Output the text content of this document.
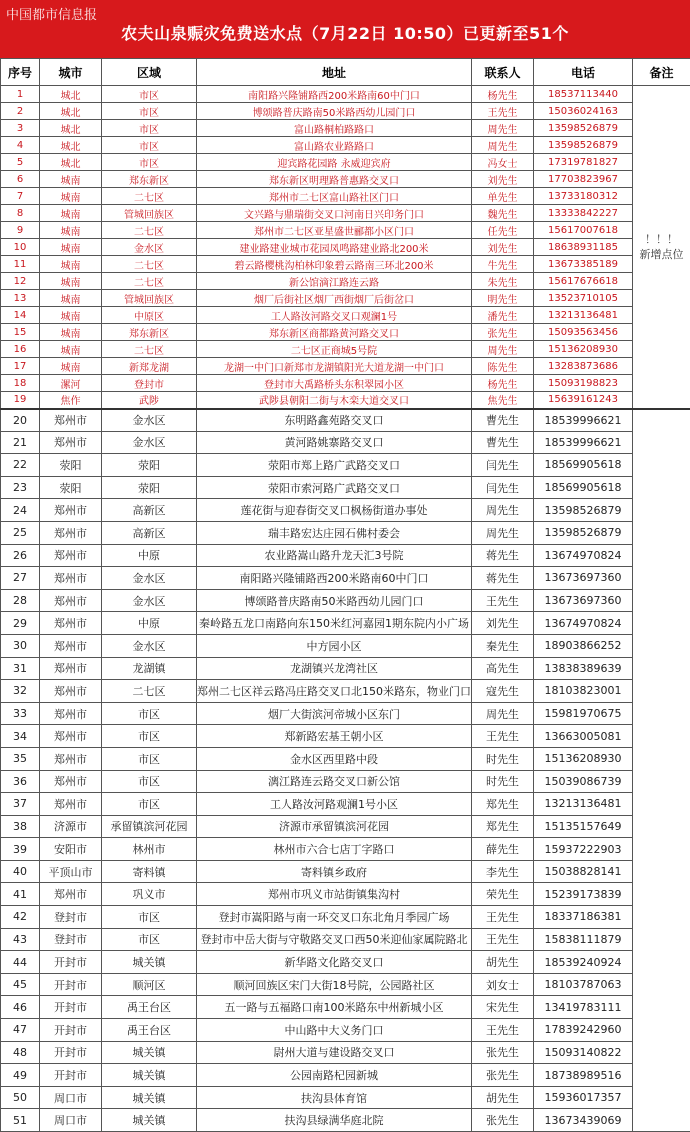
中国都市信息报
农夫山泉赈灾免费送水点（7月22日 10:50）已更新至51个
序号	城市	区域	地址	联系人	电话	备注
1	城北	市区	南阳路兴隆铺路西200米路南60中门口	杨先生	18537113440	！！！
新增点位
2	城北	市区	博颂路普庆路南50米路西幼儿园门口	王先生	15036024163	
3	城北	市区	富山路桐柏路路口	周先生	13598526879	
4	城北	市区	富山路农业路路口	周先生	13598526879	
5	城北	市区	迎宾路花园路 永威迎宾府	冯女士	17319781827	
6	城南	郑东新区	郑东新区明理路普惠路交叉口	刘先生	17703823967	
7	城南	二七区	郑州市二七区富山路社区门口	单先生	13733180312	
8	城南	管城回族区	文兴路与鼎瑞街交叉口河南日兴印务门口	魏先生	13333842227	
9	城南	二七区	郑州市二七区亚星盛世郦都小区门口	任先生	15617007618	
10	城南	金水区	建业路建业城市花园凤鸣路建业路北200米	刘先生	18638931185	
11	城南	二七区	碧云路樱桃沟柏林印象碧云路南三环北200米	牛先生	13673385189	
12	城南	二七区	新公馆滴江路连云路	朱先生	15617676618	
13	城南	管城回族区	烟厂后街社区烟厂西街烟厂后街岔口	明先生	13523710105	
14	城南	中原区	工人路汝河路交叉口观澜1号	潘先生	13213136481	
15	城南	郑东新区	郑东新区商都路黄河路交叉口	张先生	15093563456	
16	城南	二七区	二七区正商城5号院	周先生	15136208930	
17	城南	新郑龙湖	龙湖一中门口新郑市龙湖镇阳光大道龙湖一中门口	陈先生	13283873686	
18	漯河	登封市	登封市大禹路桥头东积翠园小区	杨先生	15093198823	
19	焦作	武陟	武陟县朝阳二街与木栾大道交叉口	焦先生	15639161243	
20	郑州市	金水区	东明路鑫苑路交叉口	曹先生	18539996621	
21	郑州市	金水区	黄河路姚寨路交叉口	曹先生	18539996621	
22	荥阳	荥阳	荥阳市郑上路广武路交叉口	闫先生	18569905618	
23	荥阳	荥阳	荥阳市索河路广武路交叉口	闫先生	18569905618	
24	郑州市	高新区	莲花街与迎春街交叉口枫杨街道办事处	周先生	13598526879	
25	郑州市	高新区	瑞丰路宏达庄园石佛村委会	周先生	13598526879	
26	郑州市	中原	农业路嵩山路升龙天汇3号院	蒋先生	13674970824	
27	郑州市	金水区	南阳路兴隆铺路西200米路南60中门口	蒋先生	13673697360	
28	郑州市	金水区	博颂路普庆路南50米路西幼儿园门口	王先生	13673697360	
29	郑州市	中原	秦岭路五龙口南路向东150米红河嘉园1期东院内小广场	刘先生	13674970824	
30	郑州市	金水区	中方园小区	秦先生	18903866252	
31	郑州市	龙湖镇	龙湖镇兴龙湾社区	高先生	13838389639	
32	郑州市	二七区	郑州二七区祥云路冯庄路交叉口北150米路东，物业门口	寇先生	18103823001	
33	郑州市	市区	烟厂大街滨河帝城小区东门	周先生	15981970675	
34	郑州市	市区	郑新路宏基王朝小区	王先生	13663005081	
35	郑州市	市区	金水区西里路中段	时先生	15136208930	
36	郑州市	市区	漓江路连云路交叉口新公馆	时先生	15039086739	
37	郑州市	市区	工人路汝河路观澜1号小区	郑先生	13213136481	
38	济源市	承留镇滨河花园	济源市承留镇滨河花园	郑先生	15135157649	
39	安阳市	林州市	林州市六合七店丁字路口	薛先生	15937222903	
40	平顶山市	寄料镇	寄料镇乡政府	李先生	15038828141	
41	郑州市	巩义市	郑州市巩义市站街镇集沟村	荣先生	15239173839	
42	登封市	市区	登封市嵩阳路与南一环交叉口东北角月季园广场	王先生	18337186381	
43	登封市	市区	登封市中岳大街与守敬路交叉口西50米迎仙家属院路北	王先生	15838111879	
44	开封市	城关镇	新华路文化路交叉口	胡先生	18539240924	
45	开封市	顺河区	顺河回族区宋门大街18号院，公园路社区	刘女士	18103787063	
46	开封市	禹王台区	五一路与五福路口南100米路东中州新城小区	宋先生	13419783111	
47	开封市	禹王台区	中山路中大义务门口	王先生	17839242960	
48	开封市	城关镇	尉州大道与建设路交叉口	张先生	15093140822	
49	开封市	城关镇	公园南路杞园新城	张先生	18738989516	
50	周口市	城关镇	扶沟县体育馆	胡先生	15936017357	
51	周口市	城关镇	扶沟县绿满华庭北院	张先生	13673439069	
